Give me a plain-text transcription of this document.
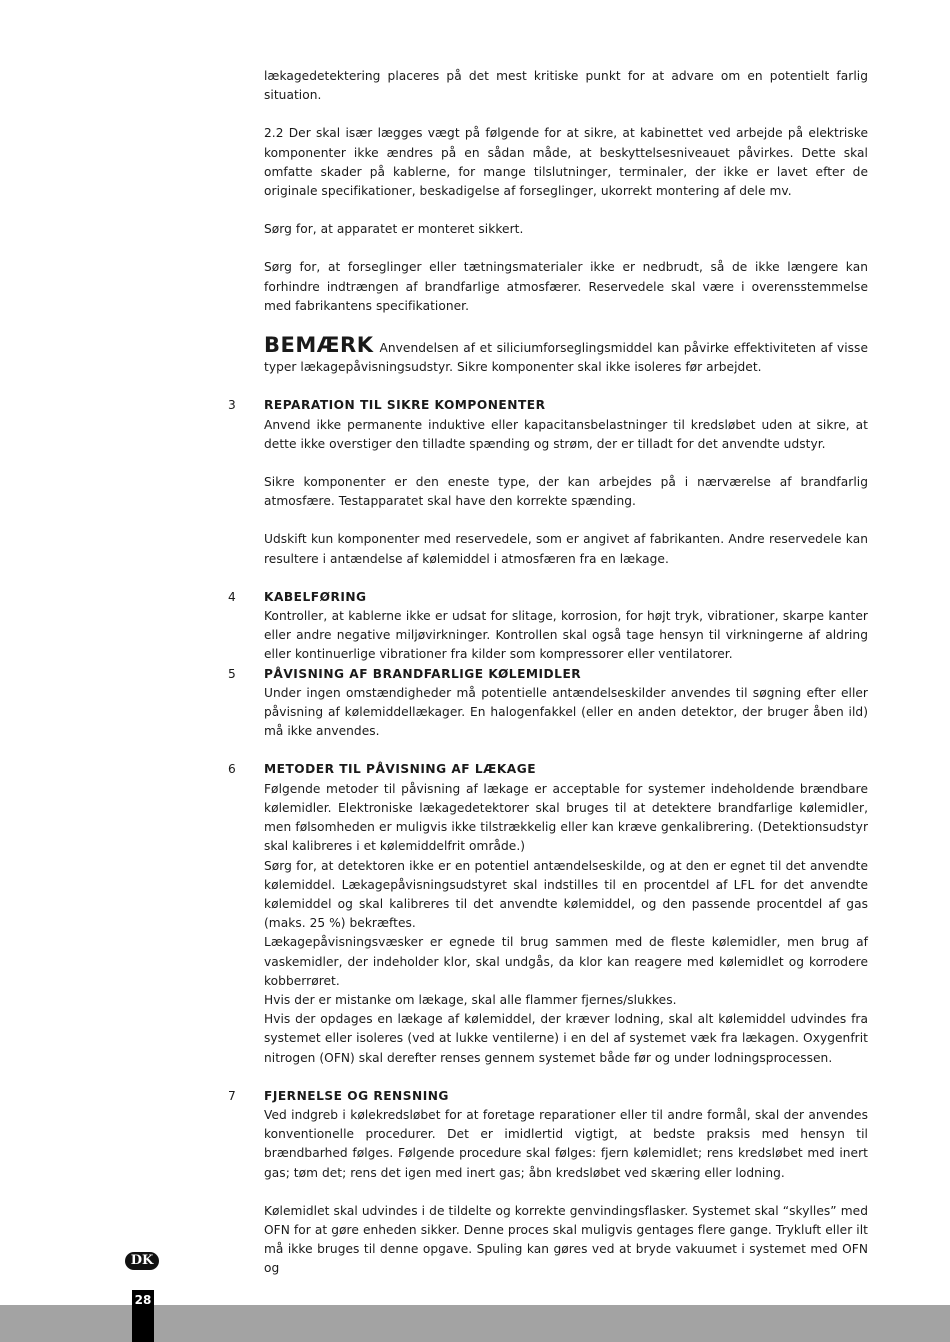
lækagedetektering placeres på det mest kritiske punkt for at advare om en potentielt farlig situation.

2.2 Der skal især lægges vægt på følgende for at sikre, at kabinettet ved arbejde på elektriske komponenter ikke ændres på en sådan måde, at beskyttelsesniveauet påvirkes. Dette skal omfatte skader på kablerne, for mange tilslutninger, terminaler, der ikke er lavet efter de originale specifikationer, beskadigelse af forseglinger, ukorrekt montering af dele mv.

Sørg for, at apparatet er monteret sikkert.

Sørg for, at forseglinger eller tætningsmaterialer ikke er nedbrudt, så de ikke længere kan forhindre indtrængen af brandfarlige atmosfærer. Reservedele skal være i overensstemmelse med fabrikantens specifikationer.

BEMÆRK Anvendelsen af et siliciumforseglingsmiddel kan påvirke effektiviteten af visse typer lækagepåvisningsudstyr. Sikre komponenter skal ikke isoleres før arbejdet.

3 REPARATION TIL SIKRE KOMPONENTER

Anvend ikke permanente induktive eller kapacitansbelastninger til kredsløbet uden at sikre, at dette ikke overstiger den tilladte spænding og strøm, der er tilladt for det anvendte udstyr.

Sikre komponenter er den eneste type, der kan arbejdes på i nærværelse af brandfarlig atmosfære. Testapparatet skal have den korrekte spænding.

Udskift kun komponenter med reservedele, som er angivet af fabrikanten. Andre reservedele kan resultere i antændelse af kølemiddel i atmosfæren fra en lækage.

4 KABELFØRING

Kontroller, at kablerne ikke er udsat for slitage, korrosion, for højt tryk, vibrationer, skarpe kanter eller andre negative miljøvirkninger. Kontrollen skal også tage hensyn til virkningerne af aldring eller kontinuerlige vibrationer fra kilder som kompressorer eller ventilatorer.

5 PÅVISNING AF BRANDFARLIGE KØLEMIDLER

Under ingen omstændigheder må potentielle antændelseskilder anvendes til søgning efter eller påvisning af kølemiddellækager. En halogenfakkel (eller en anden detektor, der bruger åben ild) må ikke anvendes.

6 METODER TIL PÅVISNING AF LÆKAGE

Følgende metoder til påvisning af lækage er acceptable for systemer indeholdende brændbare kølemidler. Elektroniske lækagedetektorer skal bruges til at detektere brandfarlige kølemidler, men følsomheden er muligvis ikke tilstrækkelig eller kan kræve genkalibrering. (Detektionsudstyr skal kalibreres i et kølemiddelfrit område.)

Sørg for, at detektoren ikke er en potentiel antændelseskilde, og at den er egnet til det anvendte kølemiddel. Lækagepåvisningsudstyret skal indstilles til en procentdel af LFL for det anvendte kølemiddel og skal kalibreres til det anvendte kølemiddel, og den passende procentdel af gas (maks. 25 %) bekræftes.

Lækagepåvisningsvæsker er egnede til brug sammen med de fleste kølemidler, men brug af vaskemidler, der indeholder klor, skal undgås, da klor kan reagere med kølemidlet og korrodere kobberrøret.

Hvis der er mistanke om lækage, skal alle flammer fjernes/slukkes.

Hvis der opdages en lækage af kølemiddel, der kræver lodning, skal alt kølemiddel udvindes fra systemet eller isoleres (ved at lukke ventilerne) i en del af systemet væk fra lækagen. Oxygenfrit nitrogen (OFN) skal derefter renses gennem systemet både før og under lodningsprocessen.

7 FJERNELSE OG RENSNING

Ved indgreb i kølekredsløbet for at foretage reparationer eller til andre formål, skal der anvendes konventionelle procedurer. Det er imidlertid vigtigt, at bedste praksis med hensyn til brændbarhed følges. Følgende procedure skal følges: fjern kølemidlet; rens kredsløbet med inert gas; tøm det; rens det igen med inert gas; åbn kredsløbet ved skæring eller lodning.

Kølemidlet skal udvindes i de tildelte og korrekte genvindingsflasker. Systemet skal “skylles” med OFN for at gøre enheden sikker. Denne proces skal muligvis gentages flere gange. Trykluft eller ilt må ikke bruges til denne opgave. Spuling kan gøres ved at bryde vakuumet i systemet med OFN og

DK
28
